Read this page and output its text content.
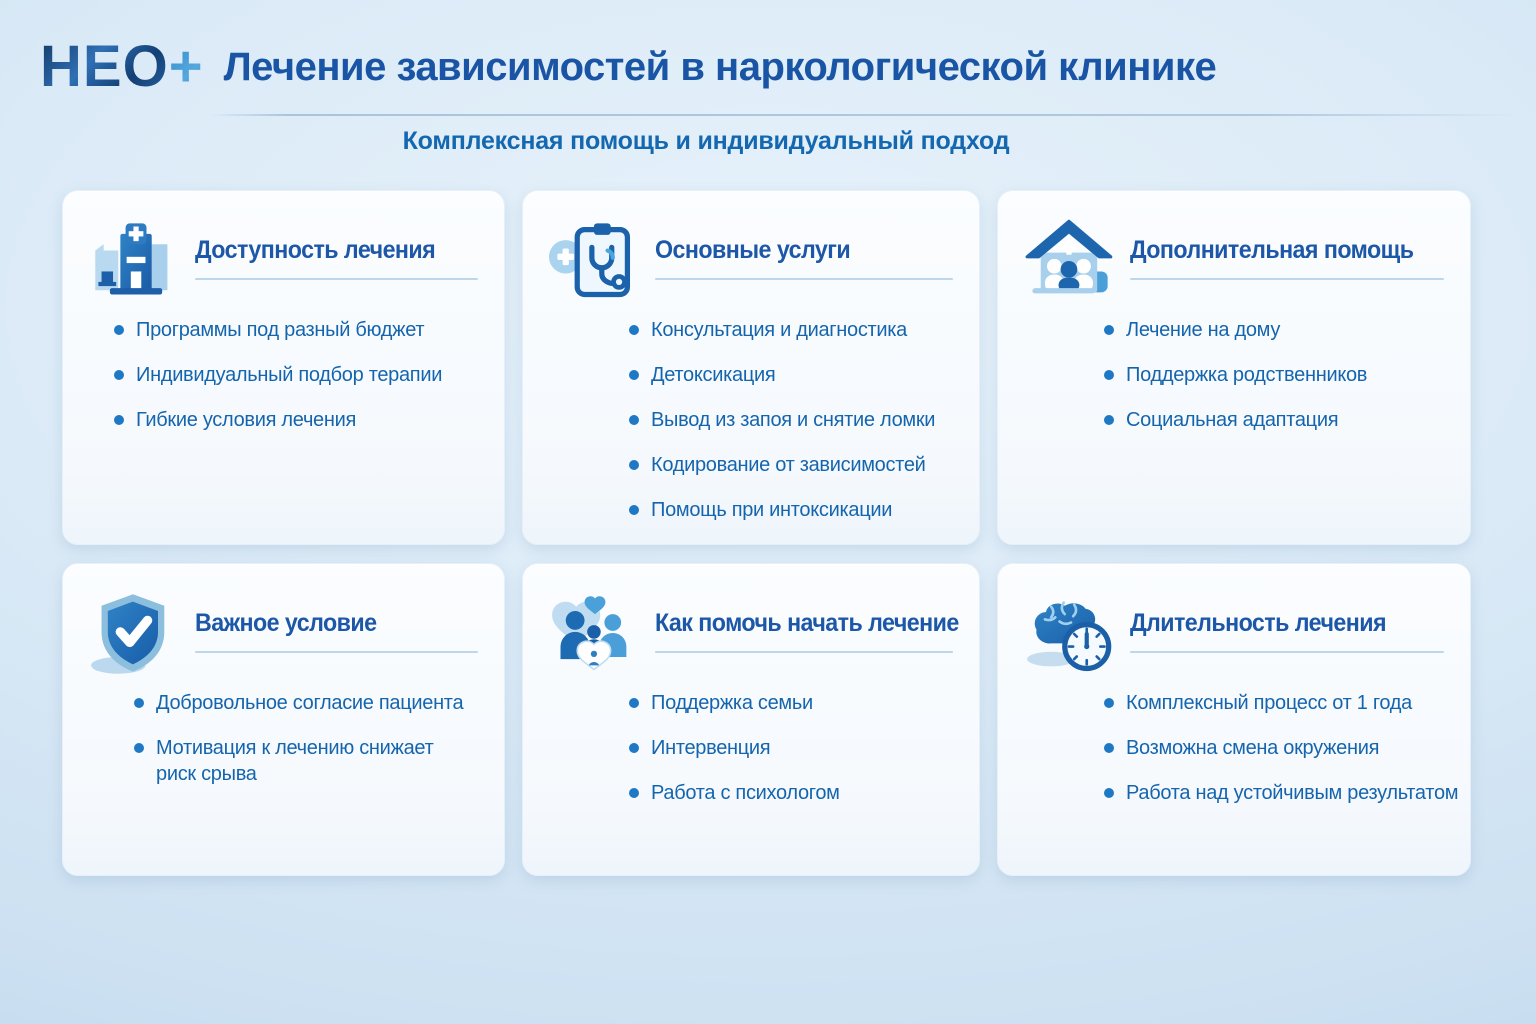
НЕО+ Лечение зависимостей в наркологической клинике
Комплексная помощь и индивидуальный подход
Доступность лечения
Программы под разный бюджет
Индивидуальный подбор терапии
Гибкие условия лечения
Основные услуги
Консультация и диагностика
Детоксикация
Вывод из запоя и снятие ломки
Кодирование от зависимостей
Помощь при интоксикации
Дополнительная помощь
Лечение на дому
Поддержка родственников
Социальная адаптация
Важное условие
Добровольное согласие пациента
Мотивация к лечению снижает риск срыва
Как помочь начать лечение
Поддержка семьи
Интервенция
Работа с психологом
Длительность лечения
Комплексный процесс от 1 года
Возможна смена окружения
Работа над устойчивым результатом
